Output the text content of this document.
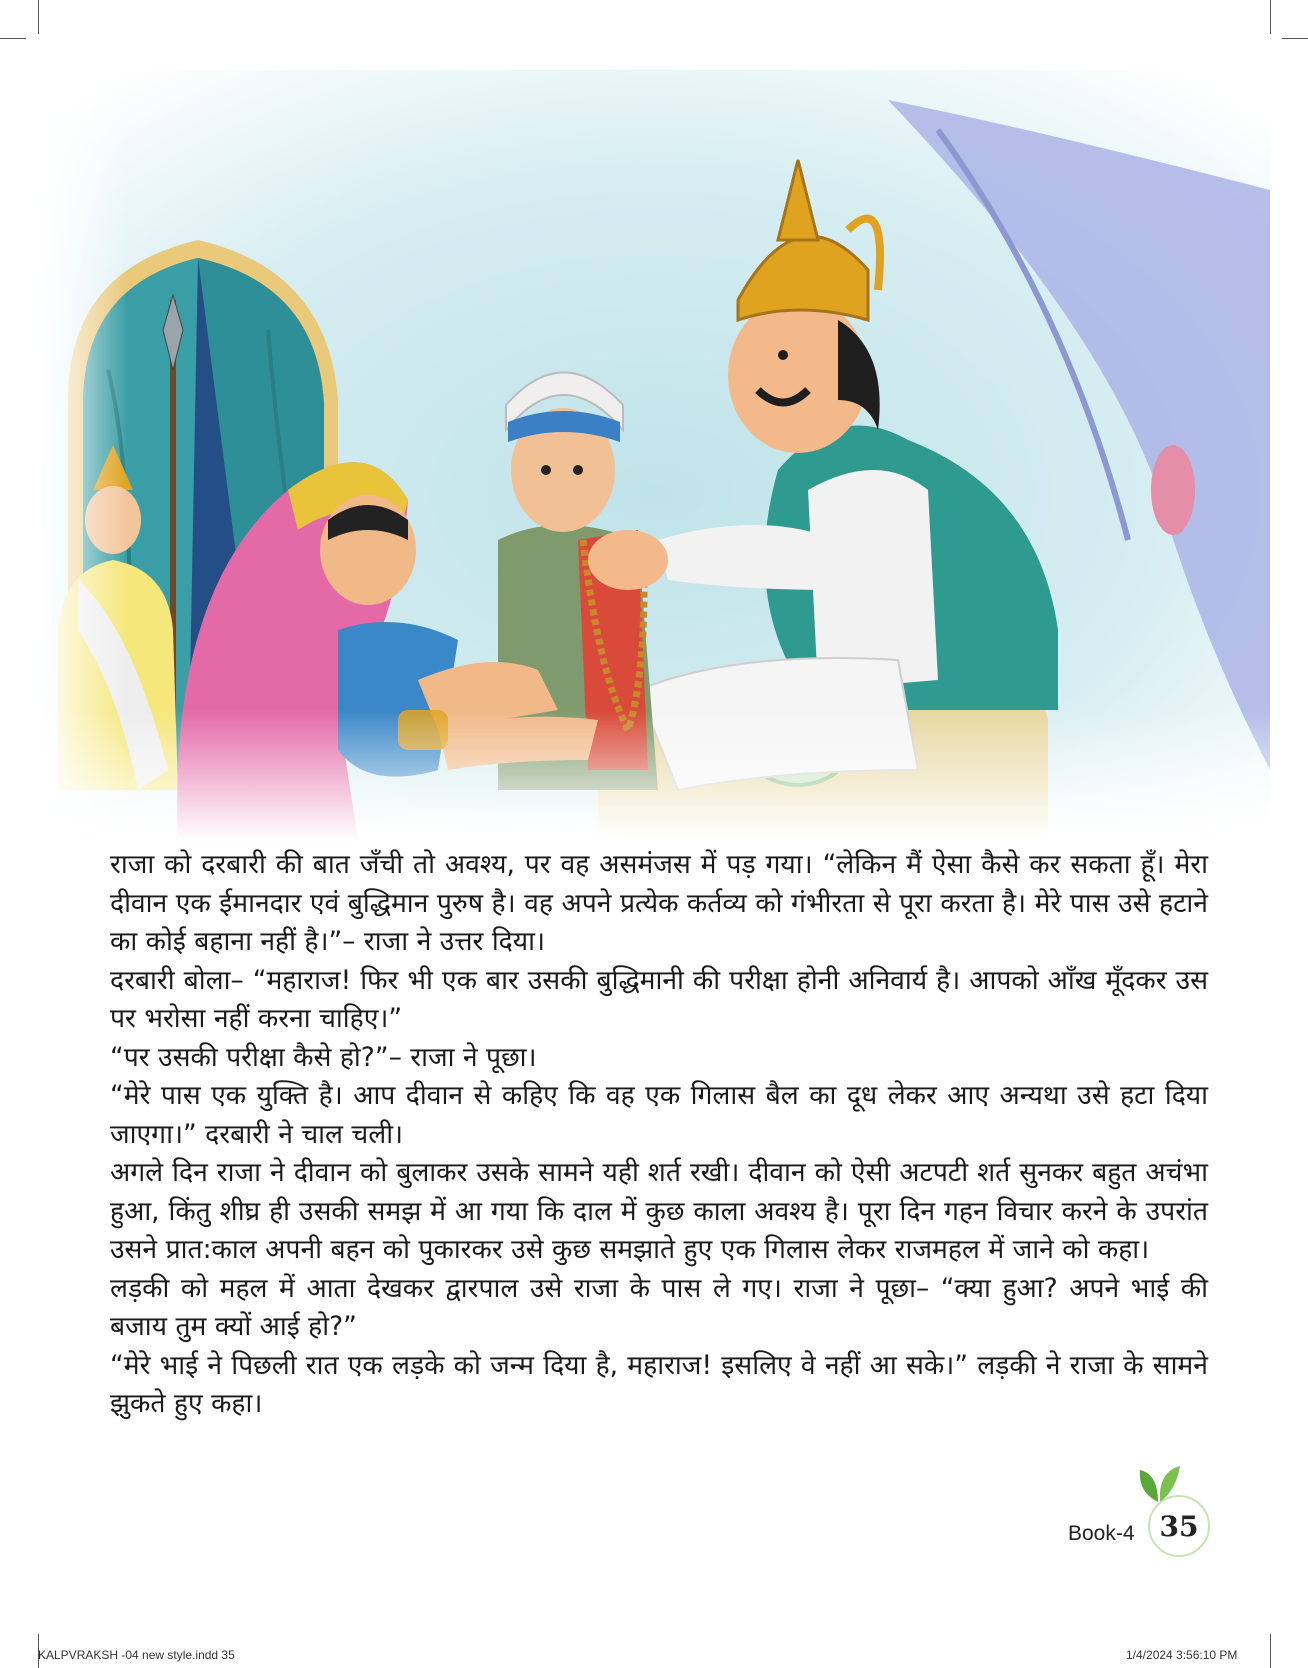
राजा को दरबारी की बात जँची तो अवश्य, पर वह असमंजस में पड़ गया। “लेकिन मैं ऐसा कैसे कर सकता हूँ। मेरा दीवान एक ईमानदार एवं बुद्धिमान पुरुष है। वह अपने प्रत्येक कर्तव्य को गंभीरता से पूरा करता है। मेरे पास उसे हटाने का कोई बहाना नहीं है।”– राजा ने उत्तर दिया।

दरबारी बोला– “महाराज! फिर भी एक बार उसकी बुद्धिमानी की परीक्षा होनी अनिवार्य है। आपको आँख मूँदकर उस पर भरोसा नहीं करना चाहिए।”

“पर उसकी परीक्षा कैसे हो?”– राजा ने पूछा।

“मेरे पास एक युक्ति है। आप दीवान से कहिए कि वह एक गिलास बैल का दूध लेकर आए अन्यथा उसे हटा दिया जाएगा।” दरबारी ने चाल चली।

अगले दिन राजा ने दीवान को बुलाकर उसके सामने यही शर्त रखी। दीवान को ऐसी अटपटी शर्त सुनकर बहुत अचंभा हुआ, किंतु शीघ्र ही उसकी समझ में आ गया कि दाल में कुछ काला अवश्य है। पूरा दिन गहन विचार करने के उपरांत उसने प्रात:काल अपनी बहन को पुकारकर उसे कुछ समझाते हुए एक गिलास लेकर राजमहल में जाने को कहा।

लड़की को महल में आता देखकर द्वारपाल उसे राजा के पास ले गए। राजा ने पूछा– “क्या हुआ? अपने भाई की बजाय तुम क्यों आई हो?”

“मेरे भाई ने पिछली रात एक लड़के को जन्म दिया है, महाराज! इसलिए वे नहीं आ सके।” लड़की ने राजा के सामने झुकते हुए कहा।

Book-4 35
KALPVRAKSH -04 new style.indd 35	1/4/2024 3:56:10 PM
